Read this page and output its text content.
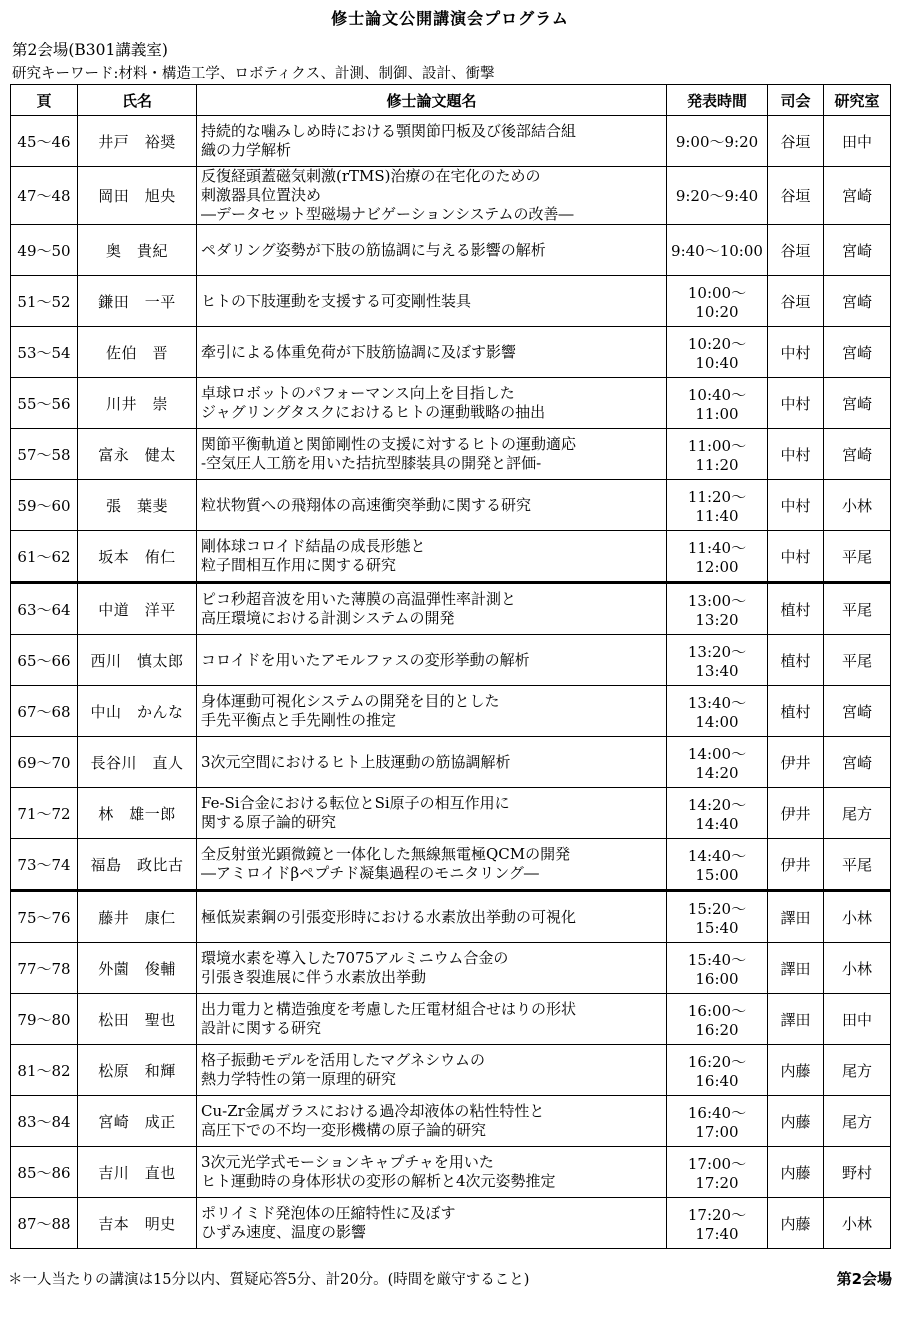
修士論文公開講演会プログラム
第2会場(B301講義室)
研究キーワード:材料・構造工学、ロボティクス、計測、制御、設計、衝撃
頁	氏名	修士論文題名	発表時間	司会	研究室
45～46	井戸　裕奨	持続的な噛みしめ時における顎関節円板及び後部結合組
織の力学解析	9:00～9:20	谷垣	田中
47～48	岡田　旭央	反復経頭蓋磁気刺激(rTMS)治療の在宅化のための
刺激器具位置決め
―データセット型磁場ナビゲーションシステムの改善―	9:20～9:40	谷垣	宮崎
49～50	奥　貴紀	ペダリング姿勢が下肢の筋協調に与える影響の解析	9:40～10:00	谷垣	宮崎
51～52	鎌田　一平	ヒトの下肢運動を支援する可変剛性装具	10:00～10:20	谷垣	宮崎
53～54	佐伯　晋	牽引による体重免荷が下肢筋協調に及ぼす影響	10:20～10:40	中村	宮崎
55～56	川井　崇	卓球ロボットのパフォーマンス向上を目指した
ジャグリングタスクにおけるヒトの運動戦略の抽出	10:40～11:00	中村	宮崎
57～58	富永　健太	関節平衡軌道と関節剛性の支援に対するヒトの運動適応
-空気圧人工筋を用いた拮抗型膝装具の開発と評価-	11:00～11:20	中村	宮崎
59～60	張　葉斐	粒状物質への飛翔体の高速衝突挙動に関する研究	11:20～11:40	中村	小林
61～62	坂本　侑仁	剛体球コロイド結晶の成長形態と
粒子間相互作用に関する研究	11:40～12:00	中村	平尾
63～64	中道　洋平	ピコ秒超音波を用いた薄膜の高温弾性率計測と
高圧環境における計測システムの開発	13:00～13:20	植村	平尾
65～66	西川　慎太郎	コロイドを用いたアモルファスの変形挙動の解析	13:20～13:40	植村	平尾
67～68	中山　かんな	身体運動可視化システムの開発を目的とした
手先平衡点と手先剛性の推定	13:40～14:00	植村	宮崎
69～70	長谷川　直人	3次元空間におけるヒト上肢運動の筋協調解析	14:00～14:20	伊井	宮崎
71～72	林　雄一郎	Fe-Si合金における転位とSi原子の相互作用に
関する原子論的研究	14:20～14:40	伊井	尾方
73～74	福島　政比古	全反射蛍光顕微鏡と一体化した無線無電極QCMの開発
―アミロイドβペプチド凝集過程のモニタリング―	14:40～15:00	伊井	平尾
75～76	藤井　康仁	極低炭素鋼の引張変形時における水素放出挙動の可視化	15:20～15:40	譯田	小林
77～78	外薗　俊輔	環境水素を導入した7075アルミニウム合金の
引張き裂進展に伴う水素放出挙動	15:40～16:00	譯田	小林
79～80	松田　聖也	出力電力と構造強度を考慮した圧電材組合せはりの形状
設計に関する研究	16:00～16:20	譯田	田中
81～82	松原　和輝	格子振動モデルを活用したマグネシウムの
熱力学特性の第一原理的研究	16:20～16:40	内藤	尾方
83～84	宮崎　成正	Cu-Zr金属ガラスにおける過冷却液体の粘性特性と
高圧下での不均一変形機構の原子論的研究	16:40～17:00	内藤	尾方
85～86	吉川　直也	3次元光学式モーションキャプチャを用いた
ヒト運動時の身体形状の変形の解析と4次元姿勢推定	17:00～17:20	内藤	野村
87～88	吉本　明史	ポリイミド発泡体の圧縮特性に及ぼす
ひずみ速度、温度の影響	17:20～17:40	内藤	小林
＊一人当たりの講演は15分以内、質疑応答5分、計20分。(時間を厳守すること)	第2会場
